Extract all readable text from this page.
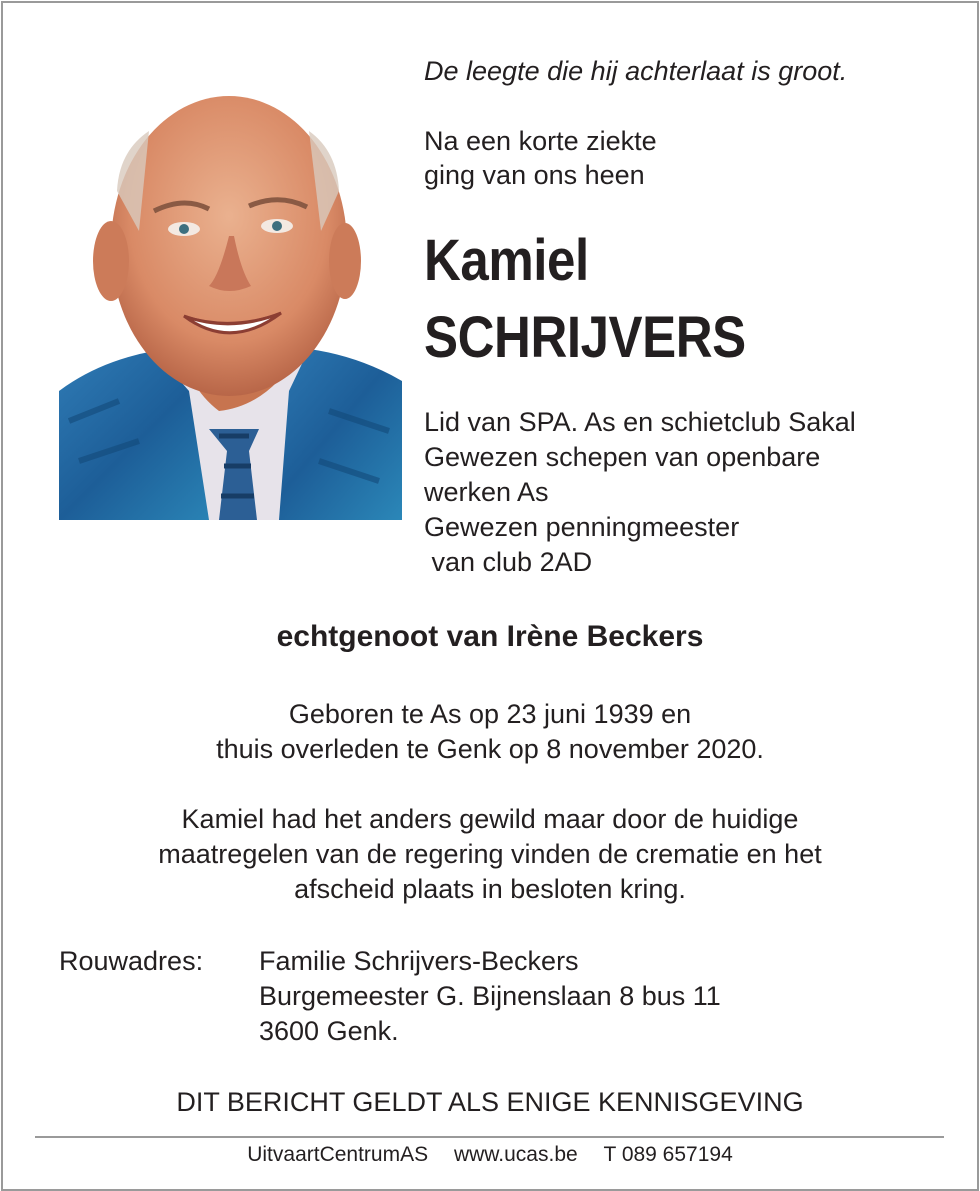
De leegte die hij achterlaat is groot.
Na een korte ziekte
ging van ons heen
Kamiel
SCHRIJVERS
Lid van SPA. As en schietclub Sakal
Gewezen schepen van openbare
werken As
Gewezen penningmeester
van club 2AD
echtgenoot van Irène Beckers
Geboren te As op 23 juni 1939 en
thuis overleden te Genk op 8 november 2020.
Kamiel had het anders gewild maar door de huidige
maatregelen van de regering vinden de crematie en het
afscheid plaats in besloten kring.
Rouwadres: Familie Schrijvers-Beckers
Burgemeester G. Bijnenslaan 8 bus 11
3600 Genk.
DIT BERICHT GELDT ALS ENIGE KENNISGEVING
UitvaartCentrumAS www.ucas.be T 089 657194
